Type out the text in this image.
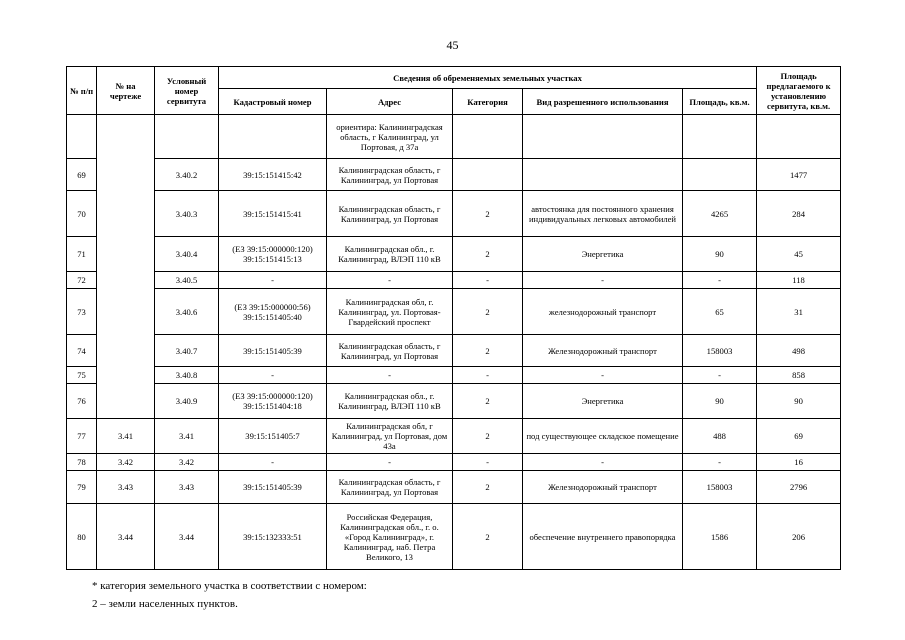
45
№ п/п	№ на чертеже	Условный номер сервитута	Сведения об обременяемых земельных участках					Площадь предлагаемого к установлению сервитута, кв.м.
			Кадастровый номер	Адрес	Категория	Вид разрешенного использования	Площадь, кв.м.	
				ориентира: Калининградская область, г Калининград, ул Портовая, д 37а				
69		3.40.2	39:15:151415:42	Калининградская область, г Калининград, ул Портовая				1477
70		3.40.3	39:15:151415:41	Калининградская область, г Калининград, ул Портовая	2	автостоянка для постоянного хранения индивидуальных легковых автомобилей	4265	284
71		3.40.4	(ЕЗ 39:15:000000:120) 39:15:151415:13	Калининградская обл., г. Калининград, ВЛЭП 110 кВ	2	Энергетика	90	45
72		3.40.5	-	-	-	-	-	118
73		3.40.6	(ЕЗ 39:15:000000:56) 39:15:151405:40	Калининградская обл, г. Калининград, ул. Портовая-Гвардейский проспект	2	железнодорожный транспорт	65	31
74		3.40.7	39:15:151405:39	Калининградская область, г Калининград, ул Портовая	2	Железнодорожный транспорт	158003	498
75		3.40.8	-	-	-	-	-	858
76		3.40.9	(ЕЗ 39:15:000000:120) 39:15:151404:18	Калининградская обл., г. Калининград, ВЛЭП 110 кВ	2	Энергетика	90	90
77	3.41	3.41	39:15:151405:7	Калининградская обл, г Калининград, ул Портовая, дом 43а	2	под существующее складское помещение	488	69
78	3.42	3.42	-	-	-	-	-	16
79	3.43	3.43	39:15:151405:39	Калининградская область, г Калининград, ул Портовая	2	Железнодорожный транспорт	158003	2796
80	3.44	3.44	39:15:132333:51	Российская Федерация, Калининградская обл., г. о. «Город Калининград», г. Калининград, наб. Петра Великого, 13	2	обеспечение внутреннего правопорядка	1586	206
* категория земельного участка в соответствии с номером:
2 – земли населенных пунктов.
